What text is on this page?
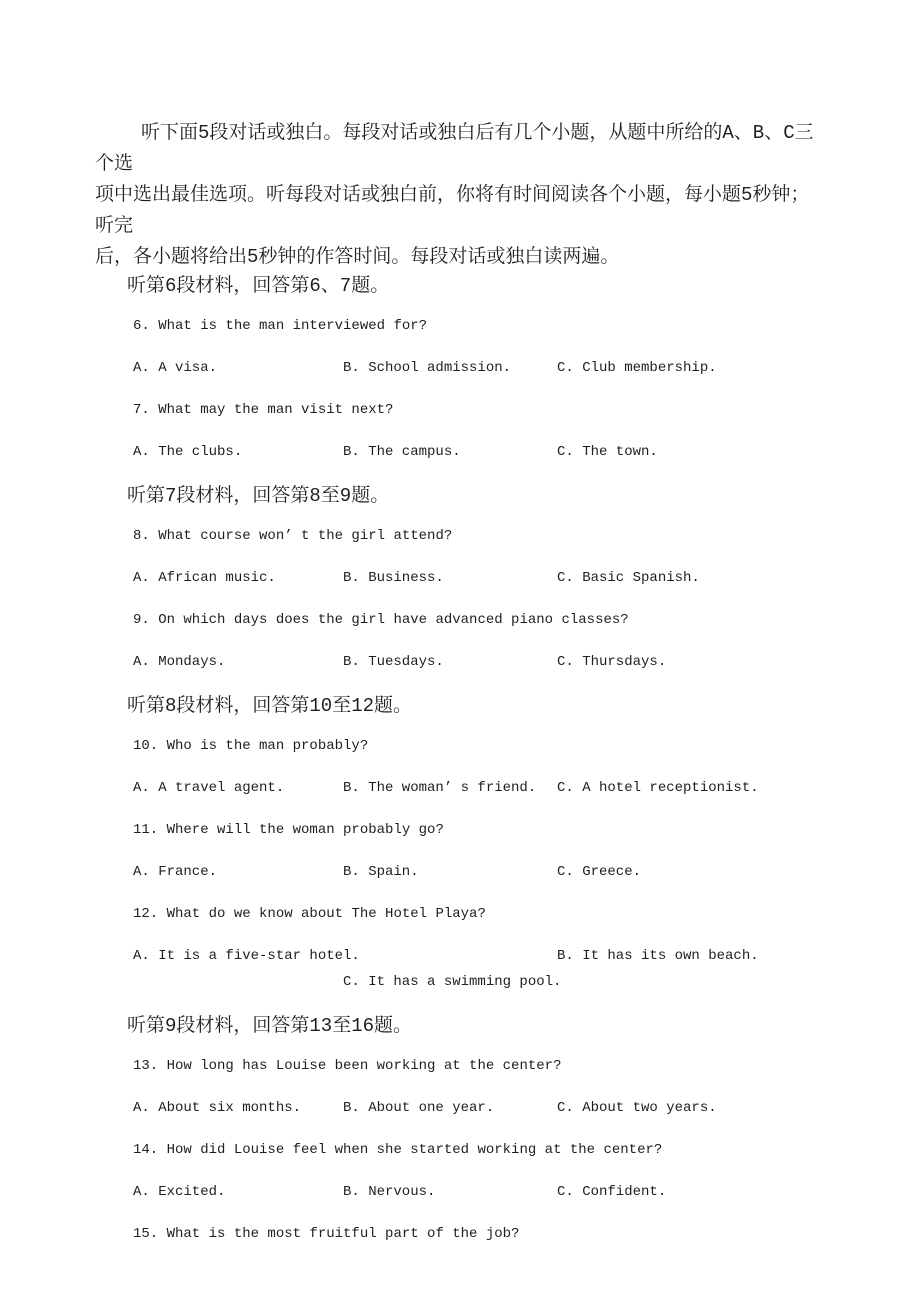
听下面5段对话或独白。每段对话或独白后有几个小题，从题中所给的A、B、C三个选
项中选出最佳选项。听每段对话或独白前，你将有时间阅读各个小题，每小题5秒钟；听完
后，各小题将给出5秒钟的作答时间。每段对话或独白读两遍。
听第6段材料，回答第6、7题。
6. What is the man interviewed for?
A. A visa.	B. School admission.	C. Club membership.
7. What may the man visit next?
A. The clubs.	B. The campus.	C. The town.
听第7段材料，回答第8至9题。
8. What course won’ t the girl attend?
A. African music.	B. Business.	C. Basic Spanish.
9. On which days does the girl have advanced piano classes?
A. Mondays.	B. Tuesdays.	C. Thursdays.
听第8段材料，回答第10至12题。
10. Who is the man probably?
A. A travel agent.	B. The woman’ s friend.	C. A hotel receptionist.
11. Where will the woman probably go?
A. France.	B. Spain.	C. Greece.
12. What do we know about The Hotel Playa?
A. It is a five-star hotel.	B. It has its own beach.
C. It has a swimming pool.
听第9段材料，回答第13至16题。
13. How long has Louise been working at the center?
A. About six months.	B. About one year.	C. About two years.
14. How did Louise feel when she started working at the center?
A. Excited.	B. Nervous.	C. Confident.
15. What is the most fruitful part of the job?
